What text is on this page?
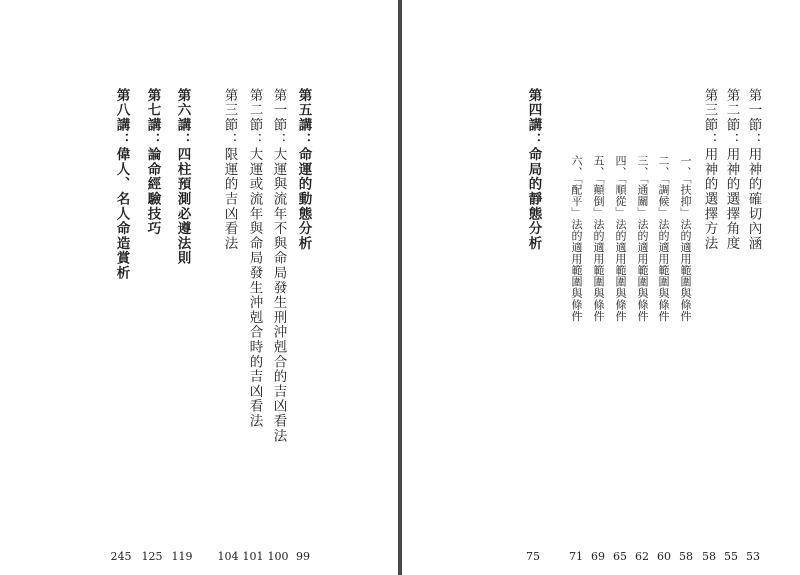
第五講：命運的動態分析
第一節：大運與流年不與命局發生刑沖剋合的吉凶看法
第二節：大運或流年與命局發生沖剋合時的吉凶看法
第三節：限運的吉凶看法
第六講：四柱預測必遵法則
第七講：論命經驗技巧
第八講：偉人、名人命造賞析
99
100
101
104
119
125
245
第一節：用神的確切內涵
第二節：用神的選擇角度
第三節：用神的選擇方法
一、「扶抑」法的適用範圍與條件
二、「調候」法的適用範圍與條件
三、「通關」法的適用範圍與條件
四、「順從」法的適用範圍與條件
五、「顛倒」法的適用範圍與條件
六、「配平」法的適用範圍與條件
第四講：命局的靜態分析
53
55
58
58
60
62
65
69
71
75
